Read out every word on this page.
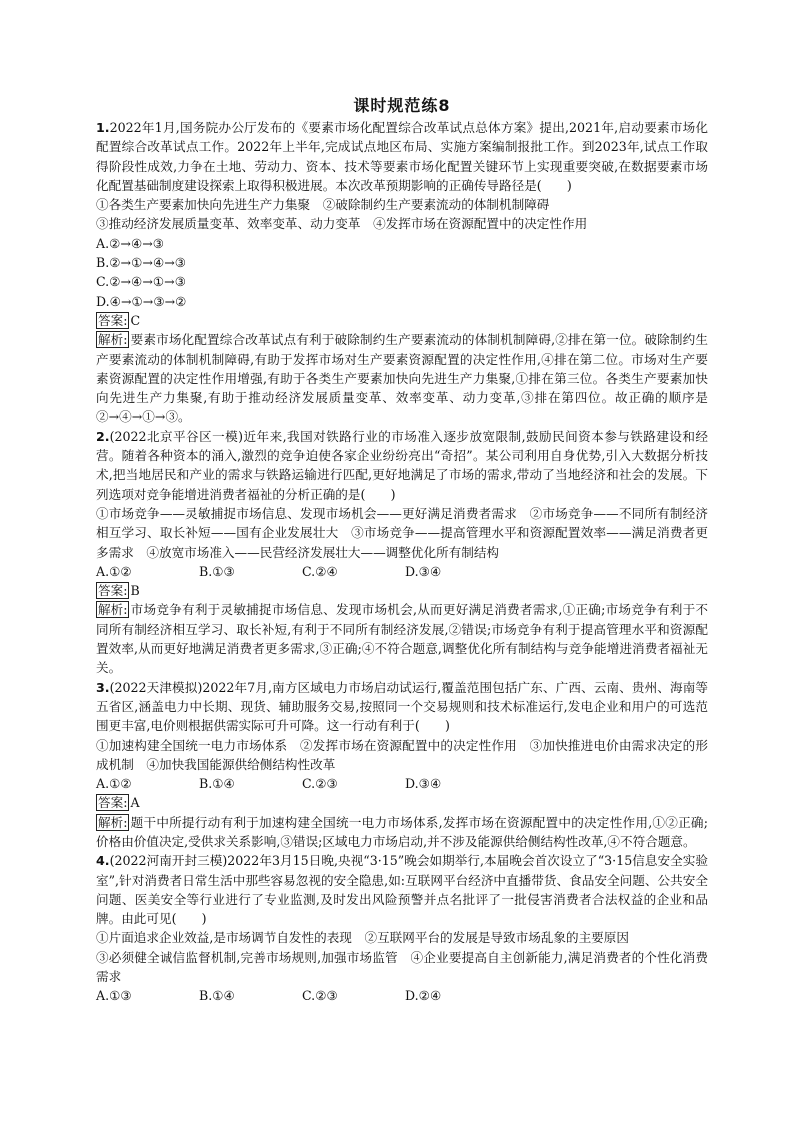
课时规范练8

1.2022年1月,国务院办公厅发布的《要素市场化配置综合改革试点总体方案》提出,2021年,启动要素市场化配置综合改革试点工作。2022年上半年,完成试点地区布局、实施方案编制报批工作。到2023年,试点工作取得阶段性成效,力争在土地、劳动力、资本、技术等要素市场化配置关键环节上实现重要突破,在数据要素市场化配置基础制度建设探索上取得积极进展。本次改革预期影响的正确传导路径是(　　)

①各类生产要素加快向先进生产力集聚　②破除制约生产要素流动的体制机制障碍

③推动经济发展质量变革、效率变革、动力变革　④发挥市场在资源配置中的决定性作用

A.②→④→③

B.②→①→④→③

C.②→④→①→③

D.④→①→③→②

答案: C

解析: 要素市场化配置综合改革试点有利于破除制约生产要素流动的体制机制障碍,②排在第一位。破除制约生产要素流动的体制机制障碍,有助于发挥市场对生产要素资源配置的决定性作用,④排在第二位。市场对生产要素资源配置的决定性作用增强,有助于各类生产要素加快向先进生产力集聚,①排在第三位。各类生产要素加快向先进生产力集聚,有助于推动经济发展质量变革、效率变革、动力变革,③排在第四位。故正确的顺序是②→④→①→③。

2.(2022北京平谷区一模)近年来,我国对铁路行业的市场准入逐步放宽限制,鼓励民间资本参与铁路建设和经营。随着各种资本的涌入,激烈的竞争迫使各家企业纷纷亮出“奇招”。某公司利用自身优势,引入大数据分析技术,把当地居民和产业的需求与铁路运输进行匹配,更好地满足了市场的需求,带动了当地经济和社会的发展。下列选项对竞争能增进消费者福祉的分析正确的是(　　)

①市场竞争——灵敏捕捉市场信息、发现市场机会——更好满足消费者需求　②市场竞争——不同所有制经济相互学习、取长补短——国有企业发展壮大　③市场竞争——提高管理水平和资源配置效率——满足消费者更多需求　④放宽市场准入——民营经济发展壮大——调整优化所有制结构

A.①②	B.①③	C.②④	D.③④

答案: B

解析: 市场竞争有利于灵敏捕捉市场信息、发现市场机会,从而更好满足消费者需求,①正确;市场竞争有利于不同所有制经济相互学习、取长补短,有利于不同所有制经济发展,②错误;市场竞争有利于提高管理水平和资源配置效率,从而更好地满足消费者更多需求,③正确;④不符合题意,调整优化所有制结构与竞争能增进消费者福祉无关。

3.(2022天津模拟)2022年7月,南方区域电力市场启动试运行,覆盖范围包括广东、广西、云南、贵州、海南等五省区,涵盖电力中长期、现货、辅助服务交易,按照同一个交易规则和技术标准运行,发电企业和用户的可选范围更丰富,电价则根据供需实际可升可降。这一行动有利于(　　)

①加速构建全国统一电力市场体系　②发挥市场在资源配置中的决定性作用　③加快推进电价由需求决定的形成机制　④加快我国能源供给侧结构性改革

A.①②	B.①④	C.②③	D.③④

答案: A

解析: 题干中所提行动有利于加速构建全国统一电力市场体系,发挥市场在资源配置中的决定性作用,①②正确;价格由价值决定,受供求关系影响,③错误;区域电力市场启动,并不涉及能源供给侧结构性改革,④不符合题意。

4.(2022河南开封三模)2022年3月15日晚,央视“3·15”晚会如期举行,本届晚会首次设立了“3·15信息安全实验室”,针对消费者日常生活中那些容易忽视的安全隐患,如:互联网平台经济中直播带货、食品安全问题、公共安全问题、医美安全等行业进行了专业监测,及时发出风险预警并点名批评了一批侵害消费者合法权益的企业和品牌。由此可见(　　)

①片面追求企业效益,是市场调节自发性的表现　②互联网平台的发展是导致市场乱象的主要原因

③必须健全诚信监督机制,完善市场规则,加强市场监管　④企业要提高自主创新能力,满足消费者的个性化消费需求

A.①③	B.①④	C.②③	D.②④
